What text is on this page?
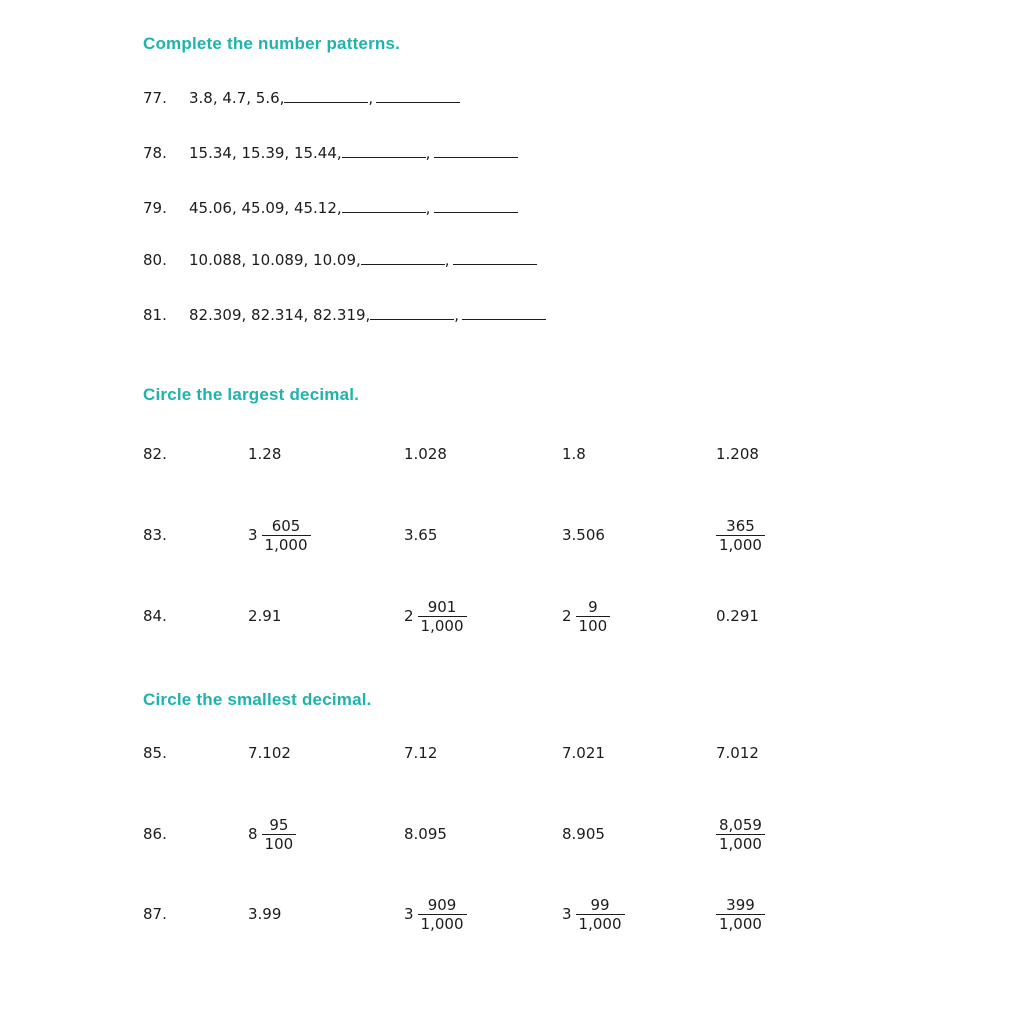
Complete the number patterns.
77.	3.8, 4.7, 5.6,	,
78.	15.34, 15.39, 15.44,	,
79.	45.06, 45.09, 45.12,	,
80.	10.088, 10.089, 10.09,	,
81.	82.309, 82.314, 82.319,	,
Circle the largest decimal.
82.	1.28	1.028	1.8	1.208
83.	$3 \frac{605}{1,000}$	3.65	3.506	$\frac{365}{1,000}$
84.	2.91	$2 \frac{901}{1,000}$	$2 \frac{9}{100}$	0.291
Circle the smallest decimal.
85.	7.102	7.12	7.021	7.012
86.	$8 \frac{95}{100}$	8.095	8.905	$\frac{8,059}{1,000}$
87.	3.99	$3 \frac{909}{1,000}$	$3 \frac{99}{1,000}$	$\frac{399}{1,000}$
